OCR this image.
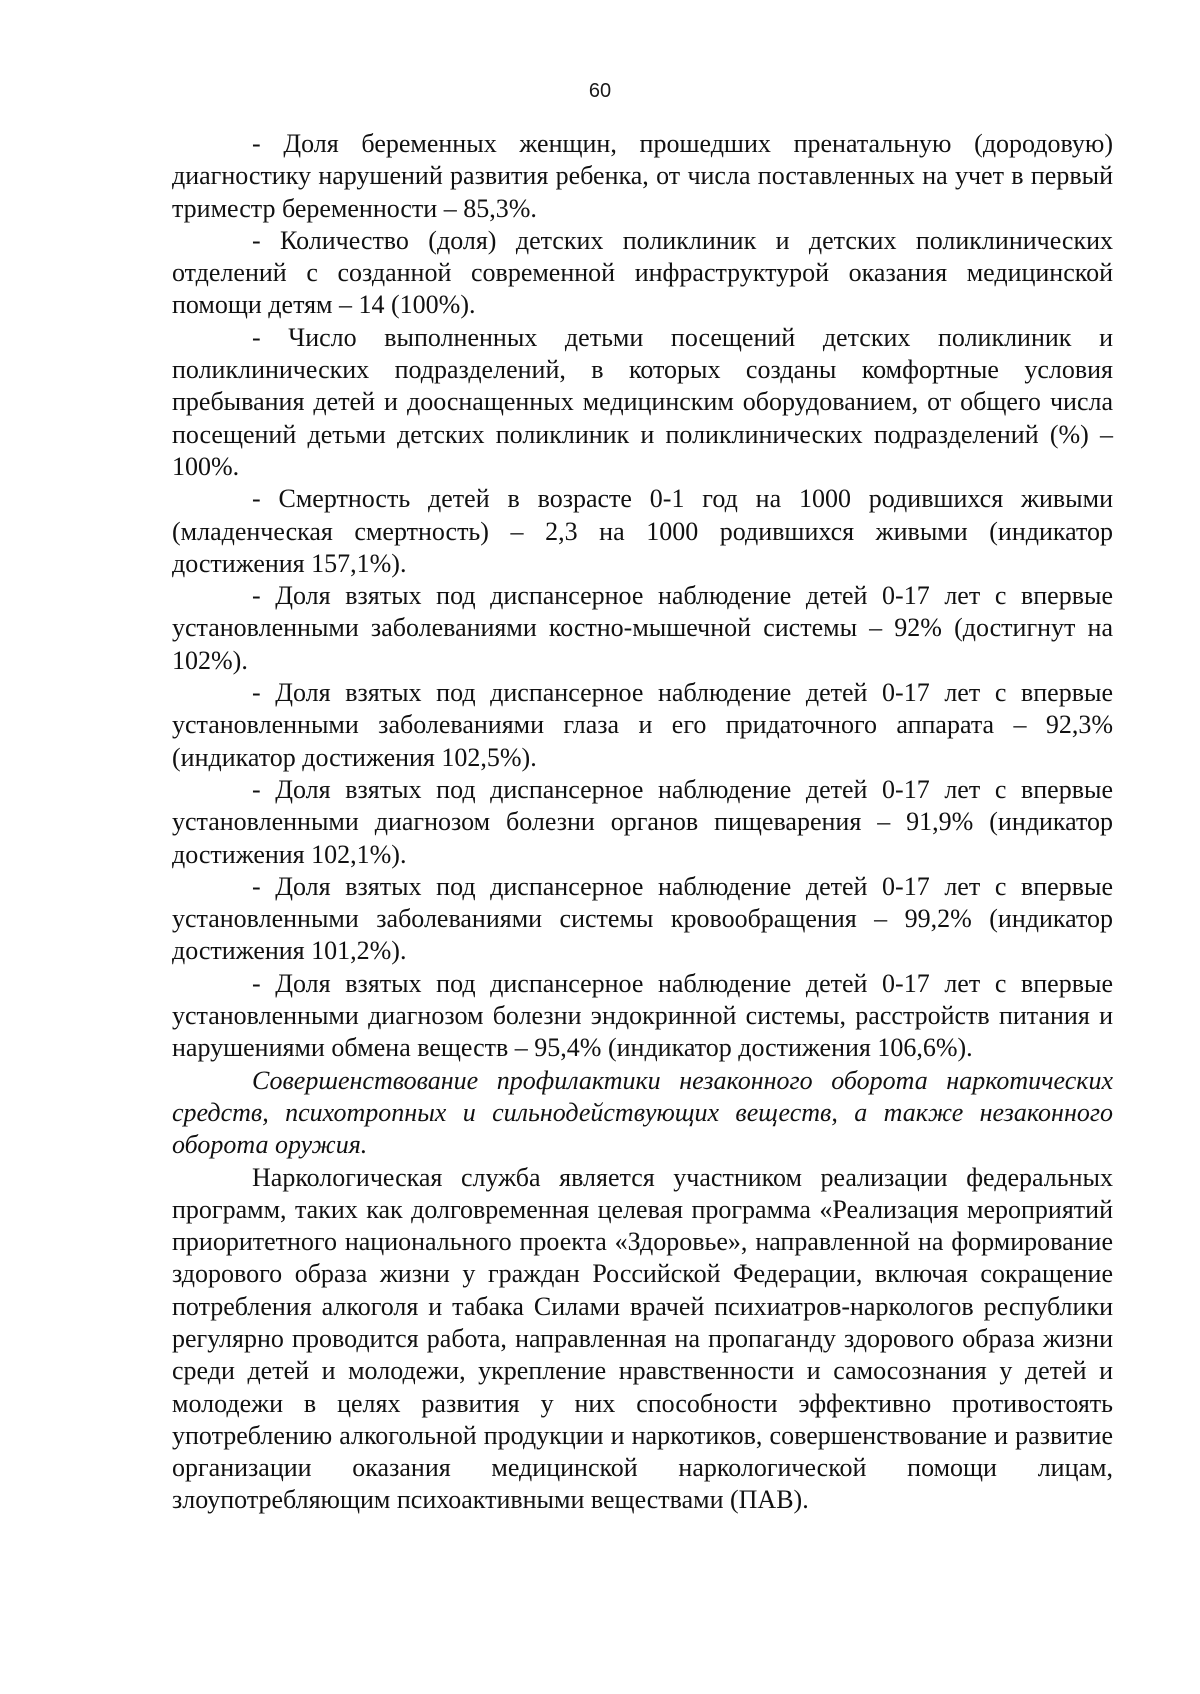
60

- Доля беременных женщин, прошедших пренатальную (дородовую) диагностику нарушений развития ребенка, от числа поставленных на учет в первый триместр беременности – 85,3%.

- Количество (доля) детских поликлиник и детских поликлинических отделений с созданной современной инфраструктурой оказания медицинской помощи детям – 14 (100%).

- Число выполненных детьми посещений детских поликлиник и поликлинических подразделений, в которых созданы комфортные условия пребывания детей и дооснащенных медицинским оборудованием, от общего числа посещений детьми детских поликлиник и поликлинических подразделений (%) – 100%.

- Смертность детей в возрасте 0-1 год на 1000 родившихся живыми (младенческая смертность) – 2,3 на 1000 родившихся живыми (индикатор достижения 157,1%).

- Доля взятых под диспансерное наблюдение детей 0-17 лет с впервые установленными заболеваниями костно-мышечной системы – 92% (достигнут на 102%).

- Доля взятых под диспансерное наблюдение детей 0-17 лет с впервые установленными заболеваниями глаза и его придаточного аппарата – 92,3% (индикатор достижения 102,5%).

- Доля взятых под диспансерное наблюдение детей 0-17 лет с впервые установленными диагнозом болезни органов пищеварения – 91,9% (индикатор достижения 102,1%).

- Доля взятых под диспансерное наблюдение детей 0-17 лет с впервые установленными заболеваниями системы кровообращения – 99,2% (индикатор достижения 101,2%).

- Доля взятых под диспансерное наблюдение детей 0-17 лет с впервые установленными диагнозом болезни эндокринной системы, расстройств питания и нарушениями обмена веществ – 95,4% (индикатор достижения 106,6%).

Совершенствование профилактики незаконного оборота наркотических средств, психотропных и сильнодействующих веществ, а также незаконного оборота оружия.

Наркологическая служба является участником реализации федеральных программ, таких как долговременная целевая программа «Реализация мероприятий приоритетного национального проекта «Здоровье», направленной на формирование здорового образа жизни у граждан Российской Федерации, включая сокращение потребления алкоголя и табака Силами врачей психиатров-наркологов республики регулярно проводится работа, направленная на пропаганду здорового образа жизни среди детей и молодежи, укрепление нравственности и самосознания у детей и молодежи в целях развития у них способности эффективно противостоять употреблению алкогольной продукции и наркотиков, совершенствование и развитие организации оказания медицинской наркологической помощи лицам, злоупотребляющим психоактивными веществами (ПАВ).
